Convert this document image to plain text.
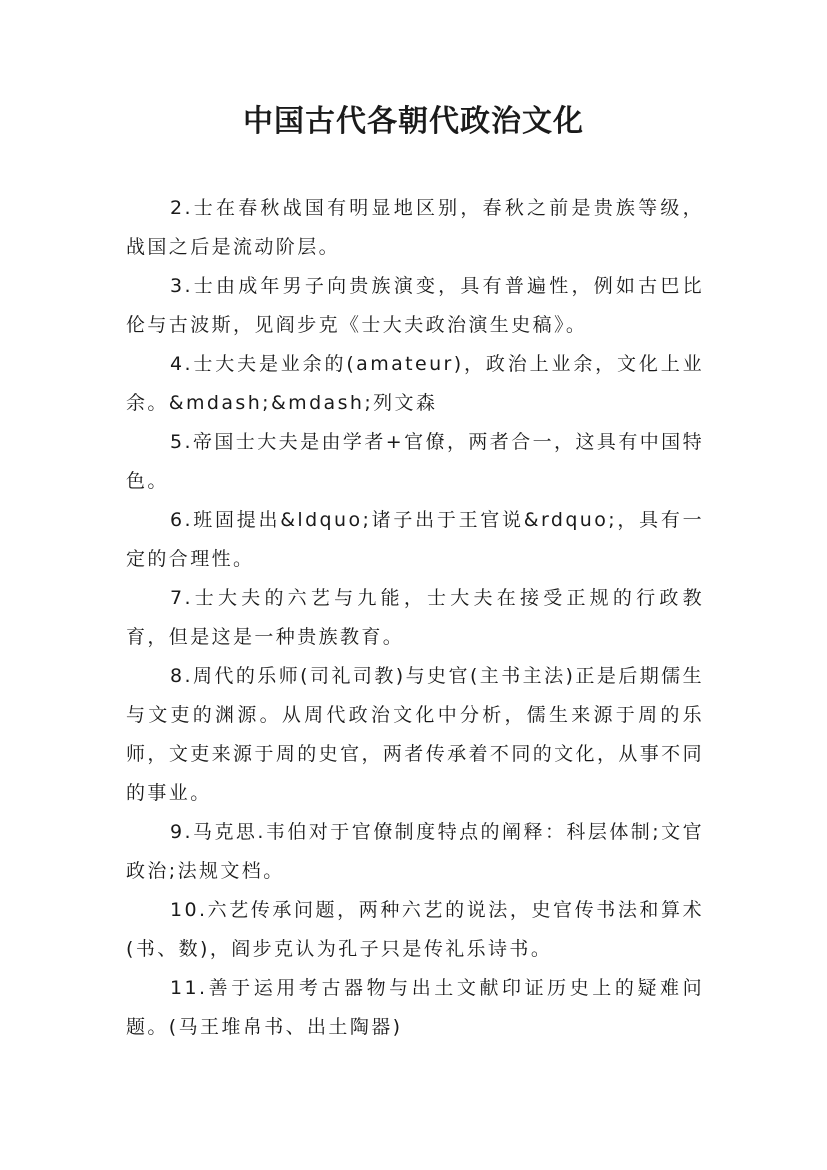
中国古代各朝代政治文化

2.士在春秋战国有明显地区别，春秋之前是贵族等级，战国之后是流动阶层。

3.士由成年男子向贵族演变，具有普遍性，例如古巴比伦与古波斯，见阎步克《士大夫政治演生史稿》。

4.士大夫是业余的(amateur)，政治上业余，文化上业余。&mdash;&mdash;列文森

5.帝国士大夫是由学者+官僚，两者合一，这具有中国特色。

6.班固提出&ldquo;诸子出于王官说&rdquo;，具有一定的合理性。

7.士大夫的六艺与九能，士大夫在接受正规的行政教育，但是这是一种贵族教育。

8.周代的乐师(司礼司教)与史官(主书主法)正是后期儒生与文吏的渊源。从周代政治文化中分析，儒生来源于周的乐师，文吏来源于周的史官，两者传承着不同的文化，从事不同的事业。

9.马克思.韦伯对于官僚制度特点的阐释：科层体制;文官政治;法规文档。

10.六艺传承问题，两种六艺的说法，史官传书法和算术(书、数)，阎步克认为孔子只是传礼乐诗书。

11.善于运用考古器物与出土文献印证历史上的疑难问题。(马王堆帛书、出土陶器)
